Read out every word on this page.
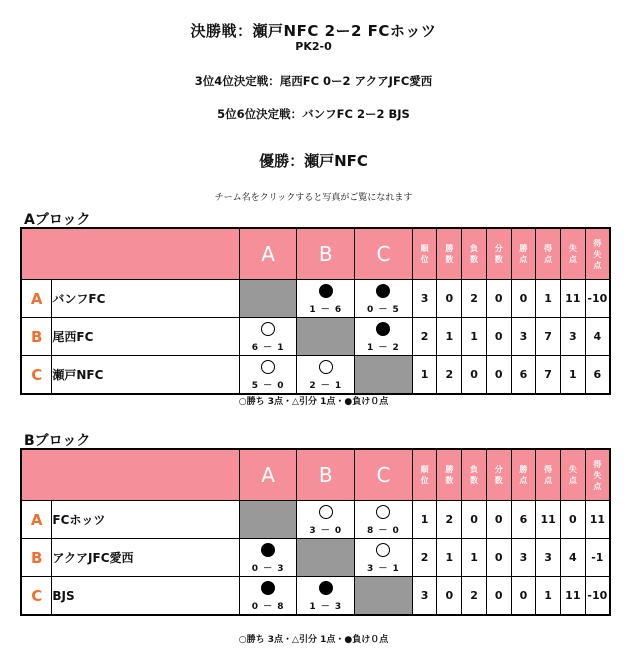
決勝戦：瀬戸NFC 2ー2 FCホッツ
PK2-0
3位4位決定戦：尾西FC 0ー2 アクアJFC愛西
5位6位決定戦：バンフFC 2ー2 BJS
優勝：瀬戸NFC
チーム名をクリックすると写真がご覧になれます
Aブロック
		A	B	C	順位	勝数	負数	分数	勝点	得点	失点	得失点
A	バンフFC		1 － 6	0 － 5	3	0	2	0	0	1	11	-10
B	尾西FC	6 － 1		1 － 2	2	1	1	0	3	7	3	4
C	瀬戸NFC	5 － 0	2 － 1		1	2	0	0	6	7	1	6
○勝ち 3点・△引分 1点・●負け０点
Bブロック
		A	B	C	順位	勝数	負数	分数	勝点	得点	失点	得失点
A	FCホッツ		3 － 0	8 － 0	1	2	0	0	6	11	0	11
B	アクアJFC愛西	0 － 3		3 － 1	2	1	1	0	3	3	4	-1
C	BJS	0 － 8	1 － 3		3	0	2	0	0	1	11	-10
○勝ち 3点・△引分 1点・●負け０点
